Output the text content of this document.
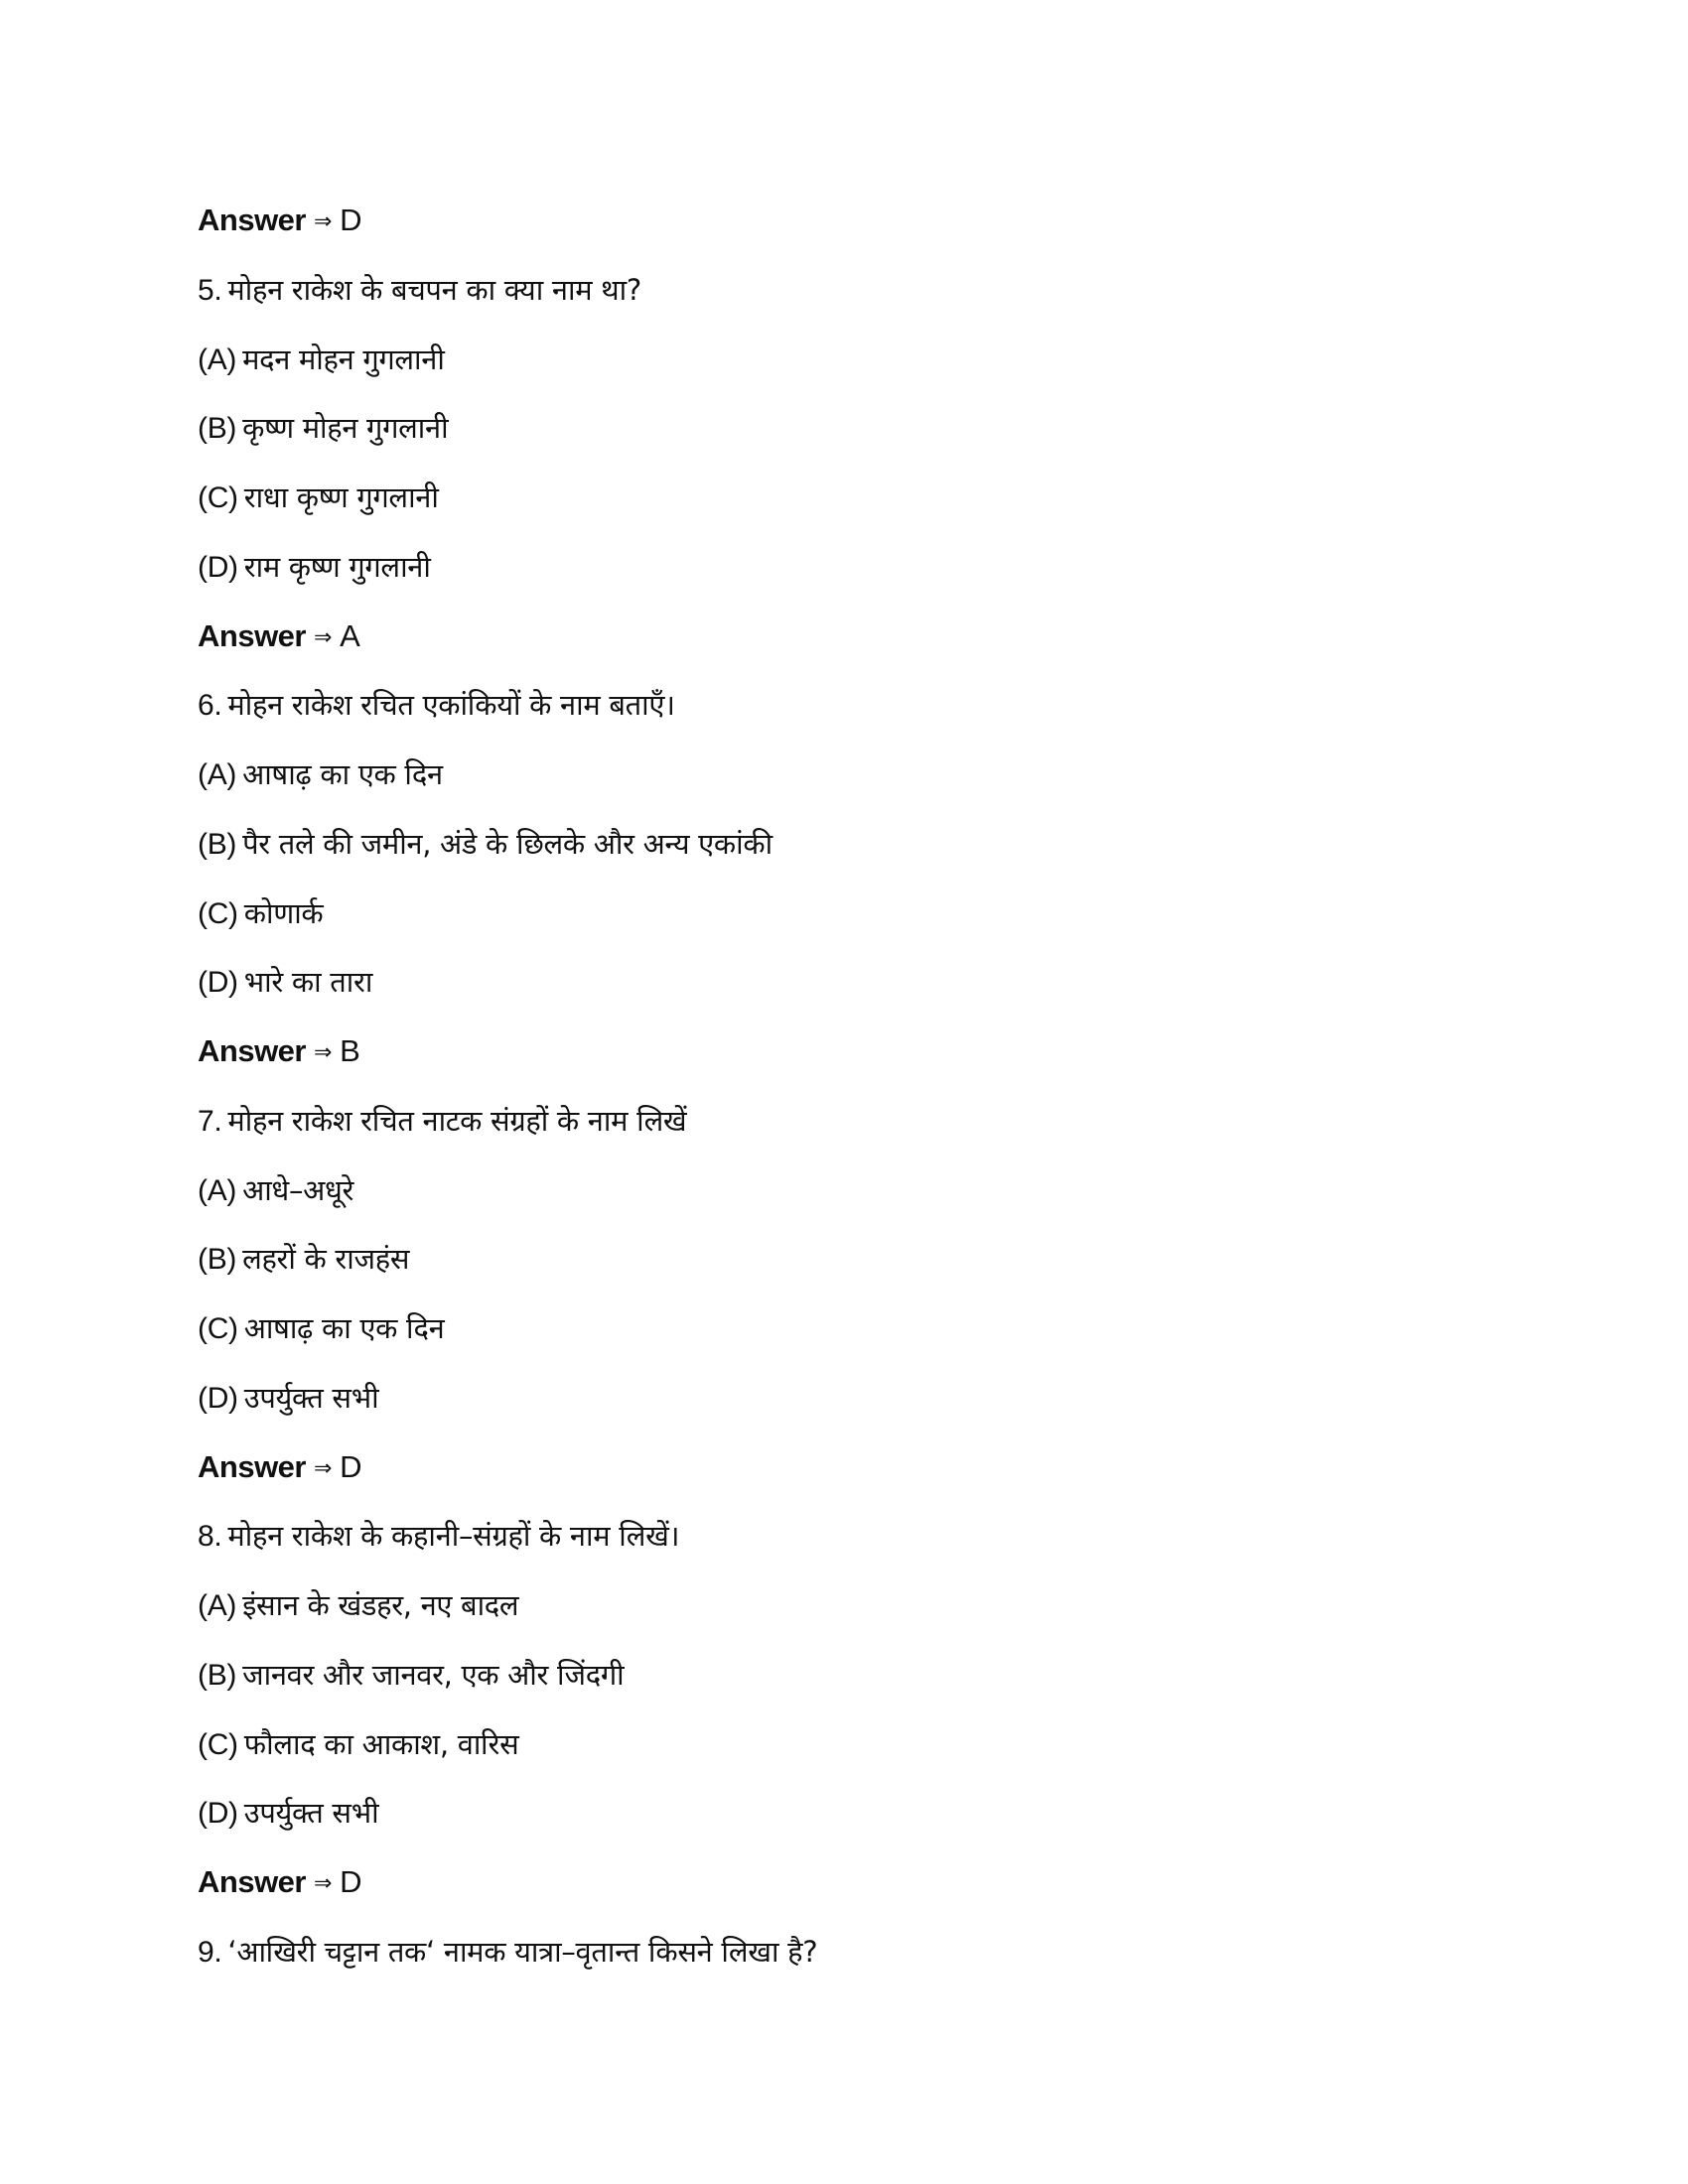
Answer ⇒ D
5. मोहन राकेश के बचपन का क्या नाम था?
(A) मदन मोहन गुगलानी
(B) कृष्ण मोहन गुगलानी
(C) राधा कृष्ण गुगलानी
(D) राम कृष्ण गुगलानी
Answer ⇒ A
6. मोहन राकेश रचित एकांकियों के नाम बताएँ।
(A) आषाढ़ का एक दिन
(B) पैर तले की जमीन, अंडे के छिलके और अन्य एकांकी
(C) कोणार्क
(D) भारे का तारा
Answer ⇒ B
7. मोहन राकेश रचित नाटक संग्रहों के नाम लिखें
(A) आधे–अधूरे
(B) लहरों के राजहंस
(C) आषाढ़ का एक दिन
(D) उपर्युक्त सभी
Answer ⇒ D
8. मोहन राकेश के कहानी–संग्रहों के नाम लिखें।
(A) इंसान के खंडहर, नए बादल
(B) जानवर और जानवर, एक और जिंदगी
(C) फौलाद का आकाश, वारिस
(D) उपर्युक्त सभी
Answer ⇒ D
9. ‘आखिरी चट्टान तक‘ नामक यात्रा–वृतान्त किसने लिखा है?
